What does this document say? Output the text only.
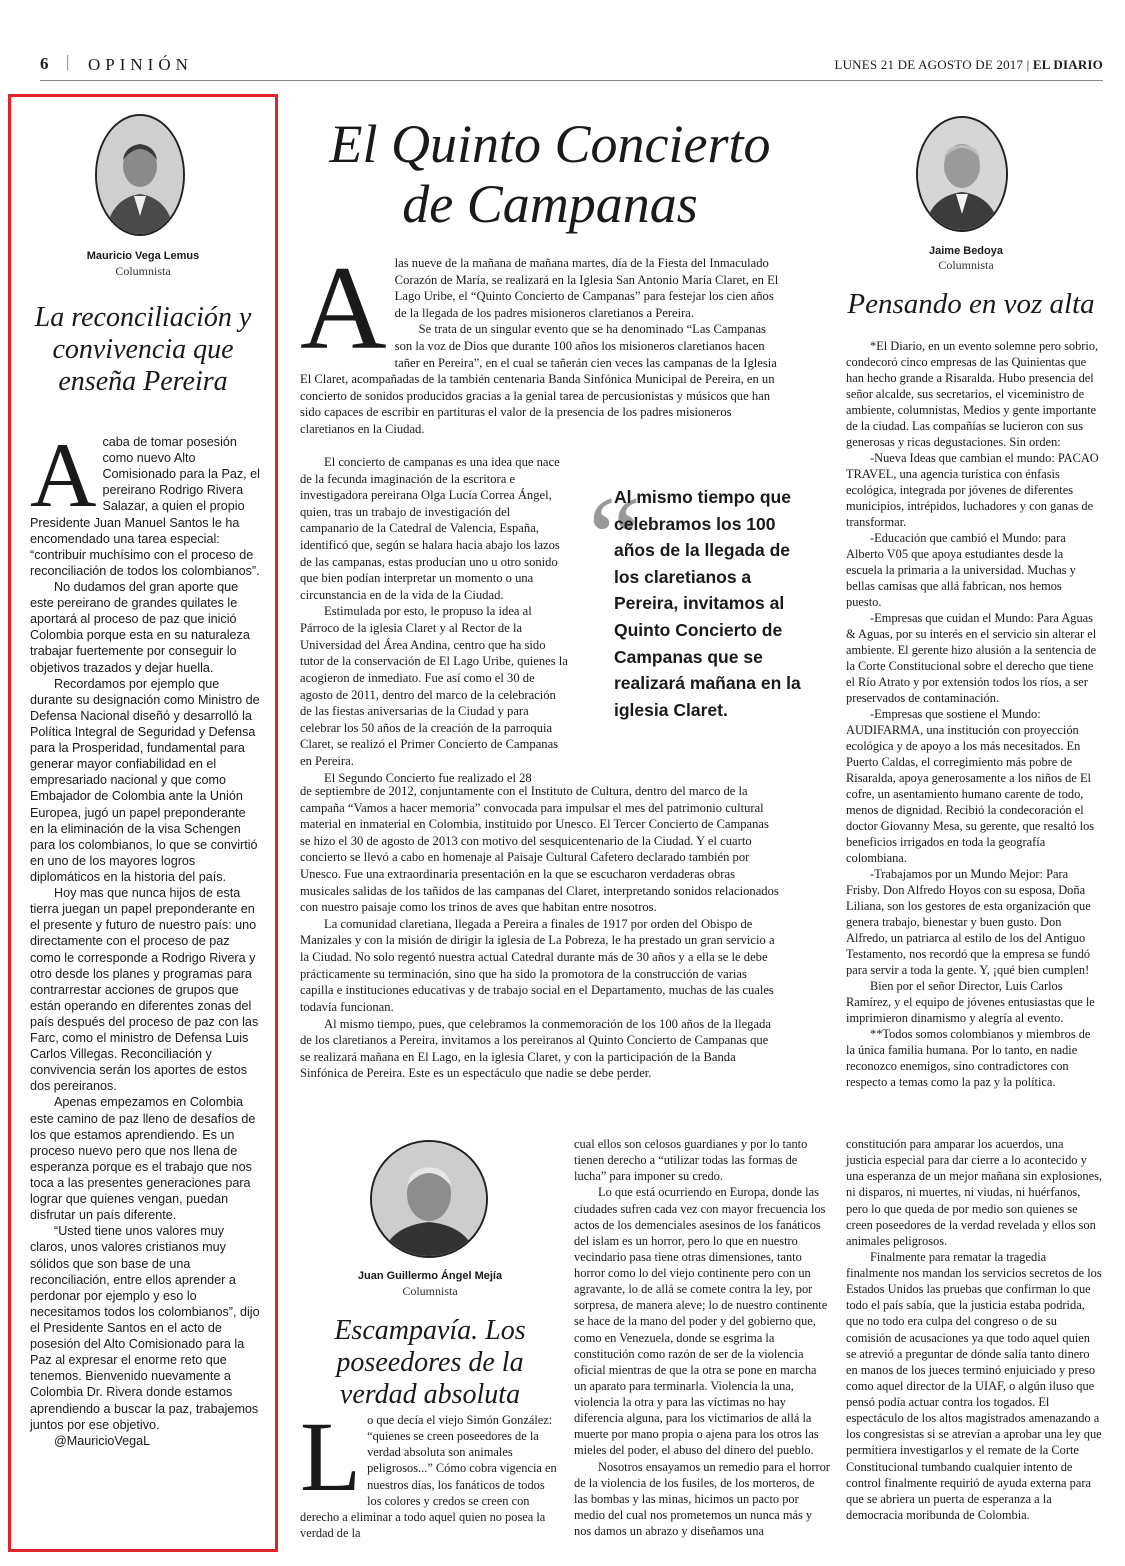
6 | OPINIÓN	LUNES 21 DE AGOSTO DE 2017 | EL DIARIO
Mauricio Vega Lemus
Columnista
La reconciliación y convivencia que enseña Pereira
A caba de tomar posesión como nuevo Alto Comisionado para la Paz, el pereirano Rodrigo Rivera Salazar, a quien el propio Presidente Juan Manuel Santos le ha encomendado una tarea especial: “contribuir muchísimo con el proceso de reconciliación de todos los colombianos”.

No dudamos del gran aporte que este pereirano de grandes quilates le aportará al proceso de paz que inició Colombia porque esta en su naturaleza trabajar fuertemente por conseguir lo objetivos trazados y dejar huella.

Recordamos por ejemplo que durante su designación como Ministro de Defensa Nacional diseñó y desarrolló la Política Integral de Seguridad y Defensa para la Prosperidad, fundamental para generar mayor confiabilidad en el empresariado nacional y que como Embajador de Colombia ante la Unión Europea, jugó un papel preponderante en la eliminación de la visa Schengen para los colombianos, lo que se convirtió en uno de los mayores logros diplomáticos en la historia del país.

Hoy mas que nunca hijos de esta tierra juegan un papel preponderante en el presente y futuro de nuestro país: uno directamente con el proceso de paz como le corresponde a Rodrigo Rivera y otro desde los planes y programas para contrarrestar acciones de grupos que están operando en diferentes zonas del país después del proceso de paz con las Farc, como el ministro de Defensa Luis Carlos Villegas. Reconciliación y convivencia serán los aportes de estos dos pereiranos.

Apenas empezamos en Colombia este camino de paz lleno de desafíos de los que estamos aprendiendo. Es un proceso nuevo pero que nos llena de esperanza porque es el trabajo que nos toca a las presentes generaciones para lograr que quienes vengan, puedan disfrutar un país diferente.

“Usted tiene unos valores muy claros, unos valores cristianos muy sólidos que son base de una reconciliación, entre ellos aprender a perdonar por ejemplo y eso lo necesitamos todos los colombianos”, dijo el Presidente Santos en el acto de posesión del Alto Comisionado para la Paz al expresar el enorme reto que tenemos. Bienvenido nuevamente a Colombia Dr. Rivera donde estamos aprendiendo a buscar la paz, trabajemos juntos por ese objetivo.

@MauricioVegaL

El Quinto Concierto de Campanas
A las nueve de la mañana de mañana martes, día de la Fiesta del Inmaculado Corazón de María, se realizará en la Iglesia San Antonio María Claret, en El Lago Uribe, el “Quinto Concierto de Campanas” para festejar los cien años de la llegada de los padres misioneros claretianos a Pereira.

Se trata de un singular evento que se ha denominado “Las Campanas son la voz de Dios que durante 100 años los misioneros claretianos hacen tañer en Pereira”, en el cual se tañerán cien veces las campanas de la Iglesia El Claret, acompañadas de la también centenaria Banda Sinfónica Municipal de Pereira, en un concierto de sonidos producidos gracias a la genial tarea de percusionistas y músicos que han sido capaces de escribir en partituras el valor de la presencia de los padres misioneros claretianos en la Ciudad.

El concierto de campanas es una idea que nace de la fecunda imaginación de la escritora e investigadora pereirana Olga Lucía Correa Ángel, quien, tras un trabajo de investigación del campanario de la Catedral de Valencia, España, identificó que, según se halara hacia abajo los lazos de las campanas, estas producían uno u otro sonido que bien podían interpretar un momento o una circunstancia en de la vida de la Ciudad.

Estimulada por esto, le propuso la idea al Párroco de la iglesia Claret y al Rector de la Universidad del Área Andina, centro que ha sido tutor de la conservación de El Lago Uribe, quienes la acogieron de inmediato. Fue así como el 30 de agosto de 2011, dentro del marco de la celebración de las fiestas aniversarias de la Ciudad y para celebrar los 50 años de la creación de la parroquia Claret, se realizó el Primer Concierto de Campanas en Pereira.

El Segundo Concierto fue realizado el 28

“
Al mismo tiempo que celebramos los 100 años de la llegada de los claretianos a Pereira, invitamos al Quinto Concierto de Campanas que se realizará mañana en la iglesia Claret.

de septiembre de 2012, conjuntamente con el Instituto de Cultura, dentro del marco de la campaña “Vamos a hacer memoria” convocada para impulsar el mes del patrimonio cultural material en inmaterial en Colombia, instituido por Unesco. El Tercer Concierto de Campanas se hizo el 30 de agosto de 2013 con motivo del sesquicentenario de la Ciudad. Y el cuarto concierto se llevó a cabo en homenaje al Paisaje Cultural Cafetero declarado también por Unesco. Fue una extraordinaria presentación en la que se escucharon verdaderas obras musicales salidas de los tañidos de las campanas del Claret, interpretando sonidos relacionados con nuestro paisaje como los trinos de aves que habitan entre nosotros.

La comunidad claretiana, llegada a Pereira a finales de 1917 por orden del Obispo de Manizales y con la misión de dirigir la iglesia de La Pobreza, le ha prestado un gran servicio a la Ciudad. No solo regentó nuestra actual Catedral durante más de 30 años y a ella se le debe prácticamente su terminación, sino que ha sido la promotora de la construcción de varias capilla e instituciones educativas y de trabajo social en el Departamento, muchas de las cuales todavía funcionan.

Al mismo tiempo, pues, que celebramos la conmemoración de los 100 años de la llegada de los claretianos a Pereira, invitamos a los pereiranos al Quinto Concierto de Campanas que se realizará mañana en El Lago, en la iglesia Claret, y con la participación de la Banda Sinfónica de Pereira. Este es un espectáculo que nadie se debe perder.

Jaime Bedoya
Columnista
Pensando en voz alta

*El Diario, en un evento solemne pero sobrio, condecoró cinco empresas de las Quinientas que han hecho grande a Risaralda. Hubo presencia del señor alcalde, sus secretarios, el viceministro de ambiente, columnistas, Medios y gente importante de la ciudad. Las compañías se lucieron con sus generosas y ricas degustaciones. Sin orden:

-Nueva Ideas que cambian el mundo: PACAO TRAVEL, una agencia turística con énfasis ecológica, integrada por jóvenes de diferentes municipios, intrépidos, luchadores y con ganas de transformar.

-Educación que cambió el Mundo: para Alberto V05 que apoya estudiantes desde la escuela la primaria a la universidad. Muchas y bellas camisas que allá fabrican, nos hemos puesto.

-Empresas que cuidan el Mundo: Para Aguas & Aguas, por su interés en el servicio sin alterar el ambiente. El gerente hizo alusión a la sentencia de la Corte Constitucional sobre el derecho que tiene el Río Atrato y por extensión todos los ríos, a ser preservados de contaminación.

-Empresas que sostiene el Mundo: AUDIFARMA, una institución con proyección ecológica y de apoyo a los más necesitados. En Puerto Caldas, el corregimiento más pobre de Risaralda, apoya generosamente a los niños de El cofre, un asentamiento humano carente de todo, menos de dignidad. Recibió la condecoración el doctor Giovanny Mesa, su gerente, que resaltó los beneficios irrigados en toda la geografía colombiana.

-Trabajamos por un Mundo Mejor: Para Frisby. Don Alfredo Hoyos con su esposa, Doña Liliana, son los gestores de esta organización que genera trabajo, bienestar y buen gusto. Don Alfredo, un patriarca al estilo de los del Antiguo Testamento, nos recordó que la empresa se fundó para servir a toda la gente. Y, ¡qué bien cumplen!

Bien por el señor Director, Luis Carlos Ramírez, y el equipo de jóvenes entusiastas que le imprimieron dinamismo y alegría al evento.

**Todos somos colombianos y miembros de la única familia humana. Por lo tanto, en nadie reconozco enemigos, sino contradictores con respecto a temas como la paz y la política.

Juan Guillermo Ángel Mejía
Columnista
Escampavía. Los poseedores de la verdad absoluta
L o que decía el viejo Simón González: “quienes se creen poseedores de la verdad absoluta son animales peligrosos...” Cómo cobra vigencia en nuestros días, los fanáticos de todos los colores y credos se creen con derecho a eliminar a todo aquel quien no posea la verdad de la

cual ellos son celosos guardianes y por lo tanto tienen derecho a “utilizar todas las formas de lucha” para imponer su credo.

Lo que está ocurriendo en Europa, donde las ciudades sufren cada vez con mayor frecuencia los actos de los demenciales asesinos de los fanáticos del islam es un horror, pero lo que en nuestro vecindario pasa tiene otras dimensiones, tanto horror como lo del viejo continente pero con un agravante, lo de allá se comete contra la ley, por sorpresa, de manera aleve; lo de nuestro continente se hace de la mano del poder y del gobierno que, como en Venezuela, donde se esgrima la constitución como razón de ser de la violencia oficial mientras de que la otra se pone en marcha un aparato para terminarla. Violencia la una, violencia la otra y para las víctimas no hay diferencia alguna, para los victimarios de allá la muerte por mano propia o ajena para los otros las mieles del poder, el abuso del dinero del pueblo.

Nosotros ensayamos un remedio para el horror de la violencia de los fusiles, de los morteros, de las bombas y las minas, hicimos un pacto por medio del cual nos prometemos un nunca más y nos damos un abrazo y diseñamos una

constitución para amparar los acuerdos, una justicia especial para dar cierre a lo acontecido y una esperanza de un mejor mañana sin explosiones, ni disparos, ni muertes, ni viudas, ni huérfanos, pero lo que queda de por medio son quienes se creen poseedores de la verdad revelada y ellos son animales peligrosos.

Finalmente para rematar la tragedia finalmente nos mandan los servicios secretos de los Estados Unidos las pruebas que confirman lo que todo el país sabía, que la justicia estaba podrida, que no todo era culpa del congreso o de su comisión de acusaciones ya que todo aquel quien se atrevió a preguntar de dónde salía tanto dinero en manos de los jueces terminó enjuiciado y preso como aquel director de la UIAF, o algún iluso que pensó podía actuar contra los togados. El espectáculo de los altos magistrados amenazando a los congresistas si se atrevían a aprobar una ley que permitiera investigarlos y el remate de la Corte Constitucional tumbando cualquier intento de control finalmente requirió de ayuda externa para que se abriera un puerta de esperanza a la democracia moribunda de Colombia.
